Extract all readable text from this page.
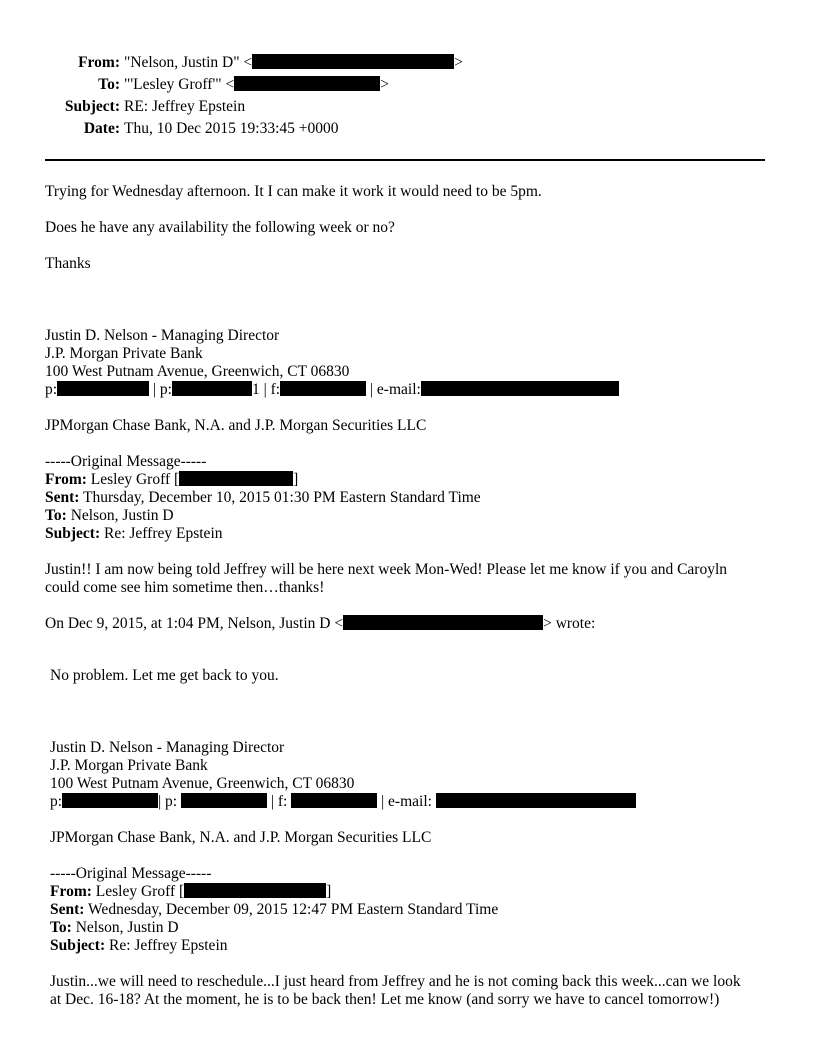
From: "Nelson, Justin D" <	>
To: "'Lesley Groff'" <	>
Subject: RE: Jeffrey Epstein
Date: Thu, 10 Dec 2015 19:33:45 +0000
Trying for Wednesday afternoon. It I can make it work it would need to be 5pm.
Does he have any availability the following week or no?
Thanks
Justin D. Nelson - Managing Director
J.P. Morgan Private Bank
100 West Putnam Avenue, Greenwich, CT 06830
p:	| p:	1 | f:	| e-mail:
JPMorgan Chase Bank, N.A. and J.P. Morgan Securities LLC
-----Original Message-----
From: Lesley Groff [	]
Sent: Thursday, December 10, 2015 01:30 PM Eastern Standard Time
To: Nelson, Justin D
Subject: Re: Jeffrey Epstein
Justin!! I am now being told Jeffrey will be here next week Mon-Wed! Please let me know if you and Caroyln
could come see him sometime then…thanks!
On Dec 9, 2015, at 1:04 PM, Nelson, Justin D <	> wrote:
No problem. Let me get back to you.
Justin D. Nelson - Managing Director
J.P. Morgan Private Bank
100 West Putnam Avenue, Greenwich, CT 06830
p:	| p:	| f:	| e-mail:
JPMorgan Chase Bank, N.A. and J.P. Morgan Securities LLC
-----Original Message-----
From: Lesley Groff [	]
Sent: Wednesday, December 09, 2015 12:47 PM Eastern Standard Time
To: Nelson, Justin D
Subject: Re: Jeffrey Epstein
Justin...we will need to reschedule...I just heard from Jeffrey and he is not coming back this week...can we look
at Dec. 16-18? At the moment, he is to be back then! Let me know (and sorry we have to cancel tomorrow!)
